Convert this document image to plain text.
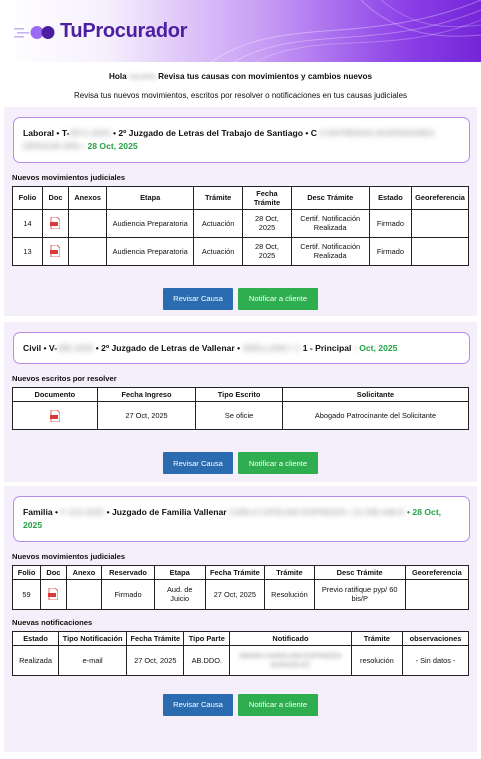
TuProcurador
Hola usuario Revisa tus causas con movimientos y cambios nuevos
Revisa tus nuevos movimientos, escritos por resolver o notificaciones en tus causas judiciales
Laboral • T-3571-2025 • 2º Juzgado de Letras del Trabajo de Santiago • C CONTRERAS INVERSIONES DRAGON SPA • 28 Oct, 2025
Nuevos movimientos judiciales
Folio	Doc	Anexos	Etapa	Trámite	Fecha Trámite	Desc Trámite	Estado	Georeferencia
14			Audiencia Preparatoria	Actuación	28 Oct, 2025	Certif. Notificación Realizada	Firmado	
13			Audiencia Preparatoria	Actuación	28 Oct, 2025	Certif. Notificación Realizada	Firmado	
Revisar Causa	Notificar a cliente
Civil • V-285-2025 • 2º Juzgado de Letras de Vallenar • ARELLANO / 1 1 - Principal • Oct, 2025
Nuevos escritos por resolver
Documento	Fecha Ingreso	Tipo Escrito	Solicitante
	27 Oct, 2025	Se oficie	Abogado Patrocinante del Solicitante
Revisar Causa	Notificar a cliente
Familia • F-115-2025 • Juzgado de Familia Vallenar CARLA CATALINA ESPINOZA • 21.546.446-K • 28 Oct, 2025
Nuevos movimientos judiciales
Folio	Doc	Anexo	Reservado	Etapa	Fecha Trámite	Trámite	Desc Trámite	Georeferencia
59			Firmado	Aud. de Juicio	27 Oct, 2025	Resolución	Previo ratifique pyp/ 60 bis/P	
Nuevas notificaciones
Estado	Tipo Notificación	Fecha Trámite	Tipo Parte	Notificado	Trámite	observaciones
Realizada	e-mail	27 Oct, 2025	AB.DDO.	MARÍA CAROLINA ESPINOZA GONZÁLEZ	resolución	- Sin datos -
Revisar Causa	Notificar a cliente
